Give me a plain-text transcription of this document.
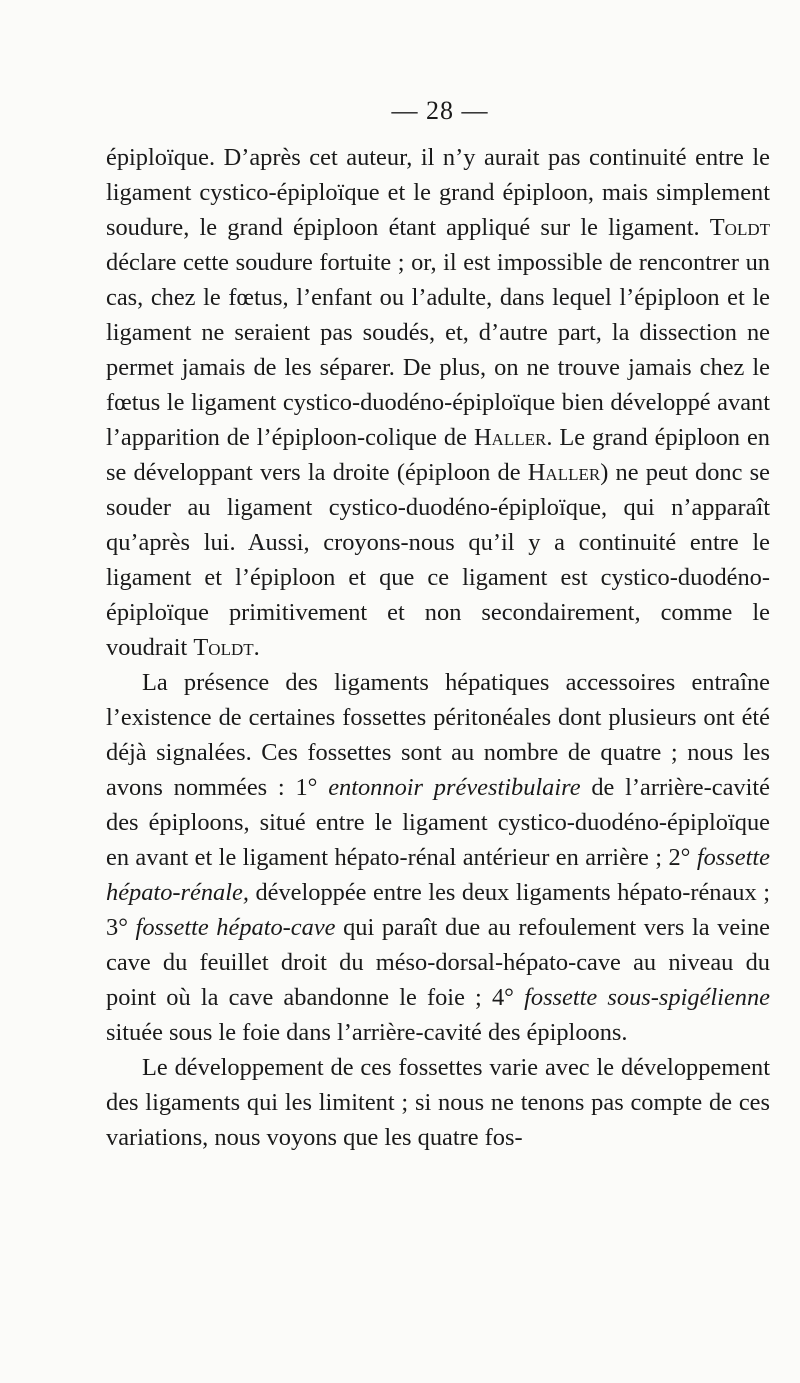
— 28 —

épiploïque. D’après cet auteur, il n’y aurait pas continuité entre le ligament cystico-épiploïque et le grand épiploon, mais simplement soudure, le grand épiploon étant appliqué sur le ligament. Toldt déclare cette soudure fortuite ; or, il est impossible de rencontrer un cas, chez le fœtus, l’enfant ou l’adulte, dans lequel l’épiploon et le ligament ne seraient pas soudés, et, d’autre part, la dissection ne permet jamais de les séparer. De plus, on ne trouve jamais chez le fœtus le ligament cystico-duodéno-épiploïque bien développé avant l’apparition de l’épiploon-colique de Haller. Le grand épiploon en se développant vers la droite (épiploon de Haller) ne peut donc se souder au ligament cystico-duodéno-épiploïque, qui n’apparaît qu’après lui. Aussi, croyons-nous qu’il y a continuité entre le ligament et l’épiploon et que ce ligament est cystico-duodéno-épiploïque primitivement et non secondairement, comme le voudrait Toldt.

La présence des ligaments hépatiques accessoires entraîne l’existence de certaines fossettes péritonéales dont plusieurs ont été déjà signalées. Ces fossettes sont au nombre de quatre ; nous les avons nommées : 1° entonnoir prévestibulaire de l’arrière-cavité des épiploons, situé entre le ligament cystico-duodéno-épiploïque en avant et le ligament hépato-rénal antérieur en arrière ; 2° fossette hépato-rénale, développée entre les deux ligaments hépato-rénaux ; 3° fossette hépato-cave qui paraît due au refoulement vers la veine cave du feuillet droit du méso-dorsal-hépato-cave au niveau du point où la cave abandonne le foie ; 4° fossette sous-spigélienne située sous le foie dans l’arrière-cavité des épiploons.

Le développement de ces fossettes varie avec le développement des ligaments qui les limitent ; si nous ne tenons pas compte de ces variations, nous voyons que les quatre fos-
